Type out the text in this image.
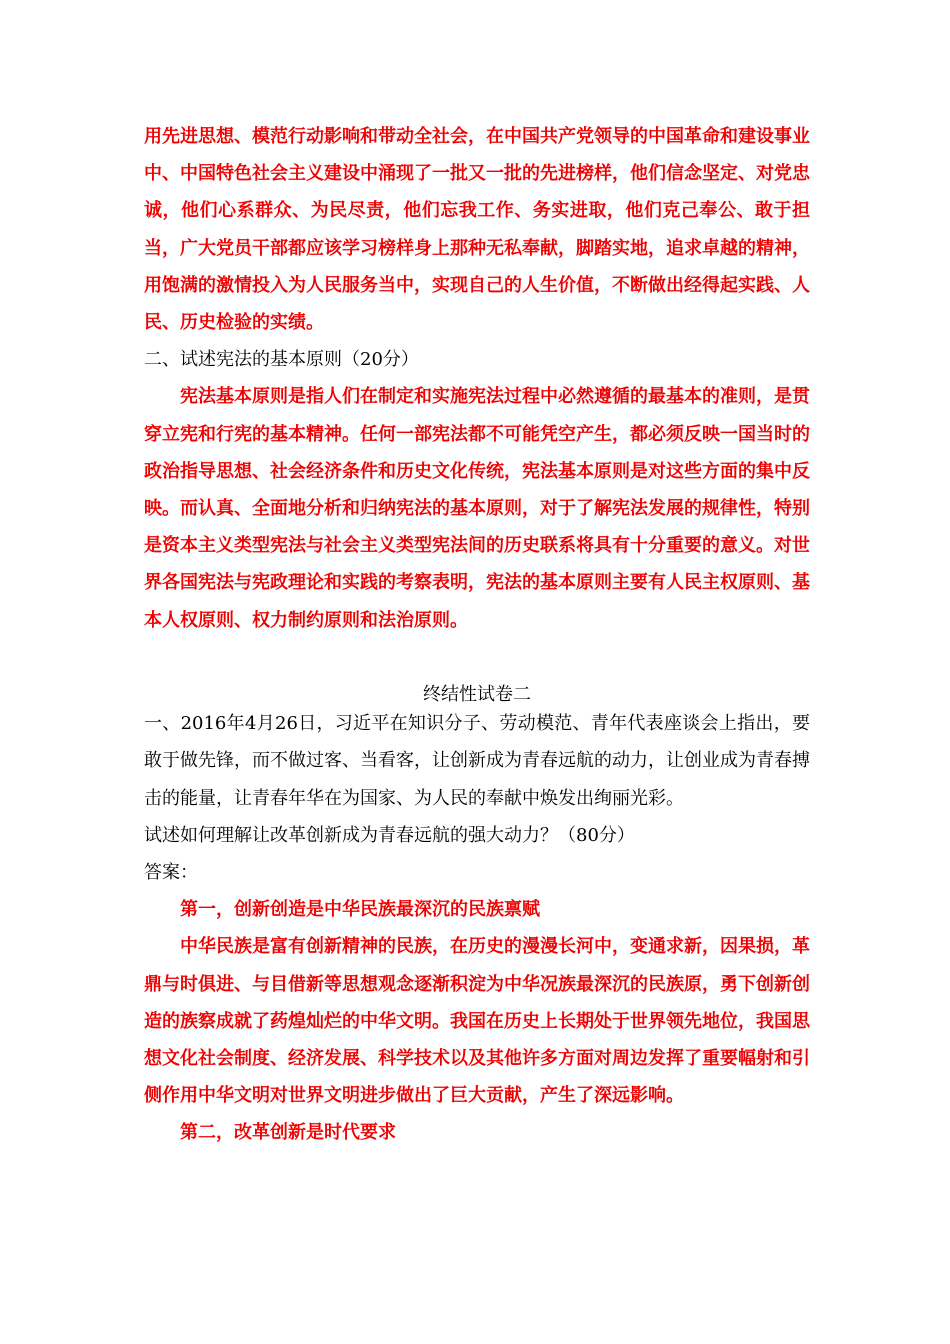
用先进思想、模范行动影响和带动全社会，在中国共产党领导的中国革命和建设事业中、中国特色社会主义建设中涌现了一批又一批的先进榜样，他们信念坚定、对党忠诚，他们心系群众、为民尽责，他们忘我工作、务实进取，他们克己奉公、敢于担当，广大党员干部都应该学习榜样身上那种无私奉献，脚踏实地，追求卓越的精神，用饱满的激情投入为人民服务当中，实现自己的人生价值，不断做出经得起实践、人民、历史检验的实绩。

二、试述宪法的基本原则（20分）

宪法基本原则是指人们在制定和实施宪法过程中必然遵循的最基本的准则，是贯穿立宪和行宪的基本精神。任何一部宪法都不可能凭空产生，都必须反映一国当时的政治指导思想、社会经济条件和历史文化传统，宪法基本原则是对这些方面的集中反映。而认真、全面地分析和归纳宪法的基本原则，对于了解宪法发展的规律性，特别是资本主义类型宪法与社会主义类型宪法间的历史联系将具有十分重要的意义。对世界各国宪法与宪政理论和实践的考察表明，宪法的基本原则主要有人民主权原则、基本人权原则、权力制约原则和法治原则。

终结性试卷二

一、2016年4月26日，习近平在知识分子、劳动模范、青年代表座谈会上指出，要敢于做先锋，而不做过客、当看客，让创新成为青春远航的动力，让创业成为青春搏击的能量，让青春年华在为国家、为人民的奉献中焕发出绚丽光彩。

试述如何理解让改革创新成为青春远航的强大动力？（80分）

答案：

第一，创新创造是中华民族最深沉的民族禀赋

中华民族是富有创新精神的民族，在历史的漫漫长河中，变通求新，因果损，革鼎与时俱进、与目借新等思想观念逐渐积淀为中华况族最深沉的民族原，勇下创新创造的族察成就了药煌灿烂的中华文明。我国在历史上长期处于世界领先地位，我国思想文化社会制度、经济发展、科学技术以及其他许多方面对周边发挥了重要幅射和引侧作用中华文明对世界文明进步做出了巨大贡献，产生了深远影响。

第二，改革创新是时代要求
